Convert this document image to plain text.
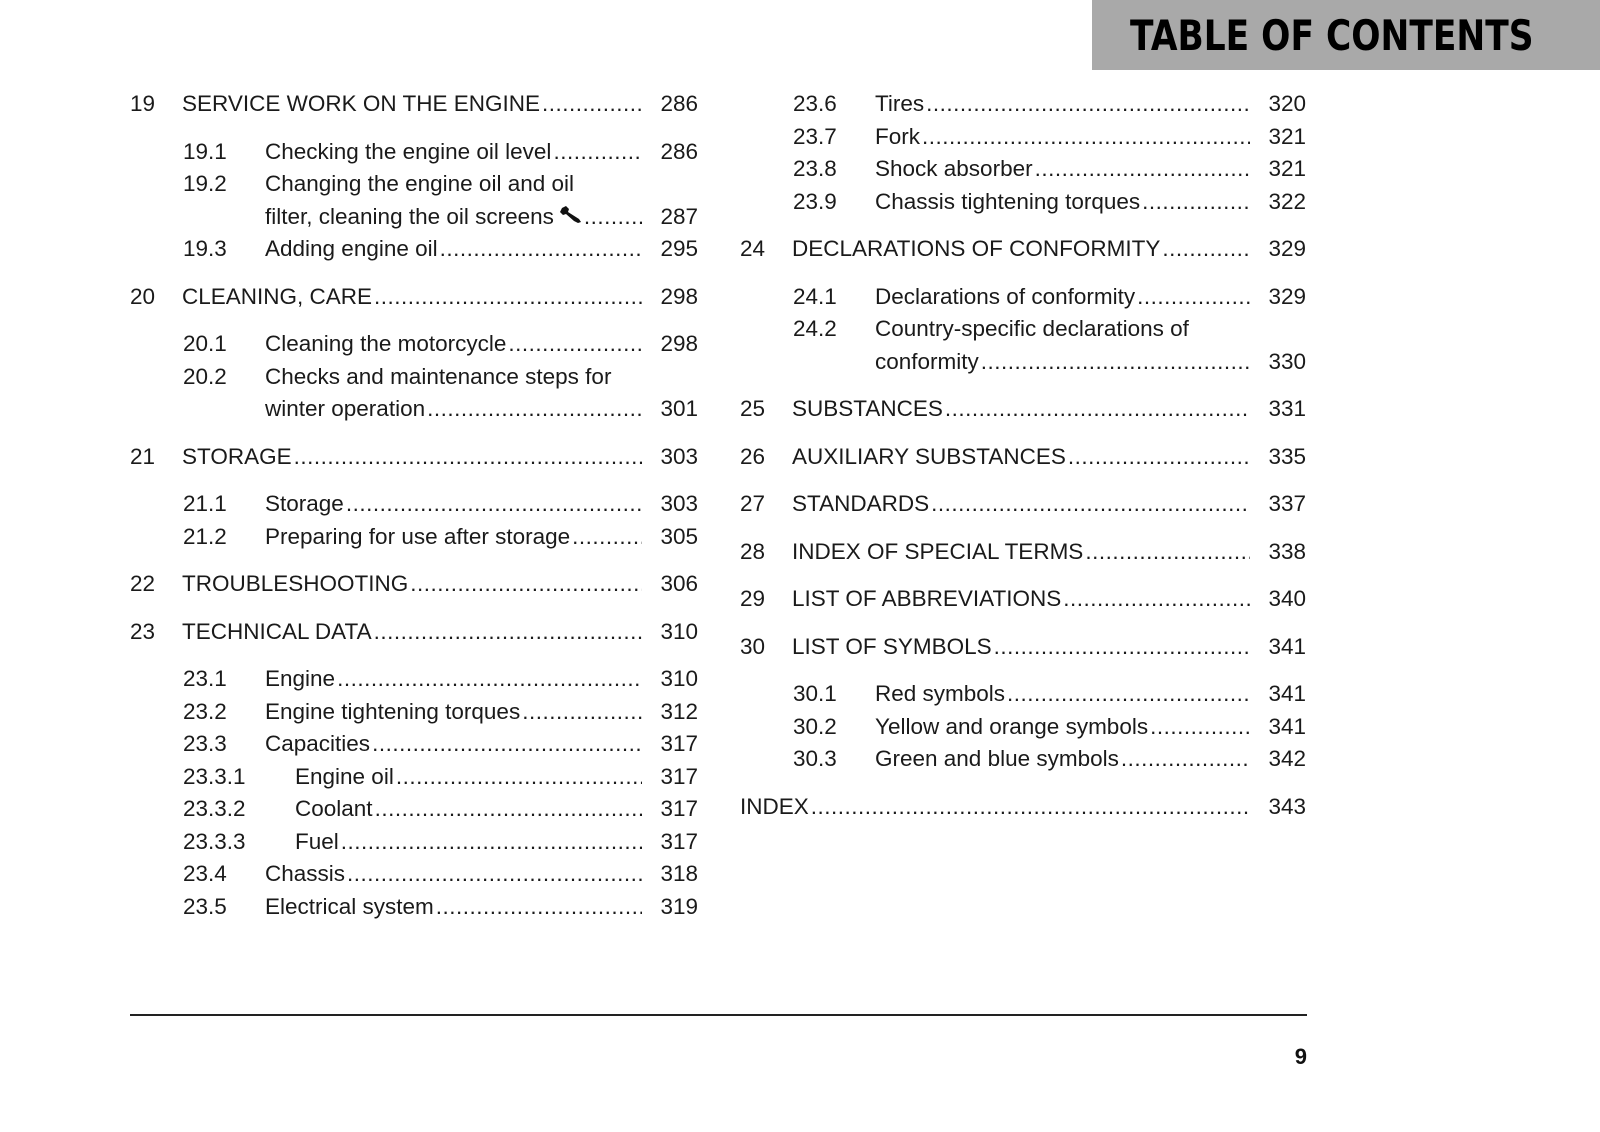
TABLE OF CONTENTS
19	SERVICE WORK ON THE ENGINE .....	286
19.1	Checking the engine oil level .....	286
19.2	Changing the engine oil and oil
filter, cleaning the oil screens .....	287
19.3	Adding engine oil .....	295
20	CLEANING, CARE .....	298
20.1	Cleaning the motorcycle .....	298
20.2	Checks and maintenance steps for
winter operation .....	301
21	STORAGE .....	303
21.1	Storage .....	303
21.2	Preparing for use after storage .....	305
22	TROUBLESHOOTING .....	306
23	TECHNICAL DATA .....	310
23.1	Engine .....	310
23.2	Engine tightening torques .....	312
23.3	Capacities .....	317
23.3.1	Engine oil .....	317
23.3.2	Coolant .....	317
23.3.3	Fuel .....	317
23.4	Chassis .....	318
23.5	Electrical system .....	319
23.6	Tires .....	320
23.7	Fork .....	321
23.8	Shock absorber .....	321
23.9	Chassis tightening torques .....	322
24	DECLARATIONS OF CONFORMITY .....	329
24.1	Declarations of conformity .....	329
24.2	Country-specific declarations of
conformity .....	330
25	SUBSTANCES .....	331
26	AUXILIARY SUBSTANCES .....	335
27	STANDARDS .....	337
28	INDEX OF SPECIAL TERMS .....	338
29	LIST OF ABBREVIATIONS .....	340
30	LIST OF SYMBOLS .....	341
30.1	Red symbols .....	341
30.2	Yellow and orange symbols .....	341
30.3	Green and blue symbols .....	342
INDEX .....	343
9
